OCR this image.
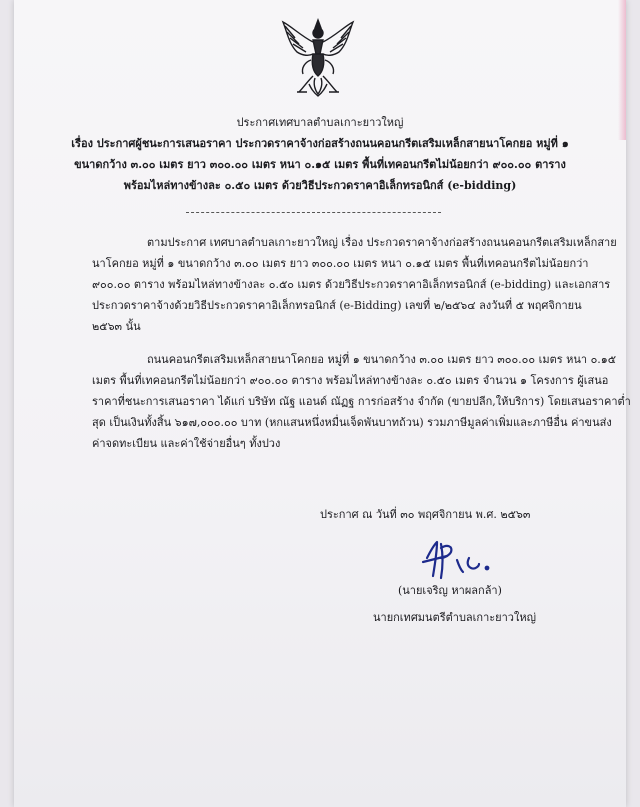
ประกาศเทศบาลตำบลเกาะยาวใหญ่
เรื่อง ประกาศผู้ชนะการเสนอราคา ประกวดราคาจ้างก่อสร้างถนนคอนกรีตเสริมเหล็กสายนาโคกยอ หมู่ที่ ๑
ขนาดกว้าง ๓.๐๐ เมตร ยาว ๓๐๐.๐๐ เมตร หนา ๐.๑๕ เมตร พื้นที่เทคอนกรีตไม่น้อยกว่า ๙๐๐.๐๐ ตาราง
พร้อมไหล่ทางข้างละ ๐.๕๐ เมตร ด้วยวิธีประกวดราคาอิเล็กทรอนิกส์ (e-bidding)
ตามประกาศ เทศบาลตำบลเกาะยาวใหญ่ เรื่อง ประกวดราคาจ้างก่อสร้างถนนคอนกรีตเสริมเหล็กสาย
นาโคกยอ หมู่ที่ ๑ ขนาดกว้าง ๓.๐๐ เมตร ยาว ๓๐๐.๐๐ เมตร หนา ๐.๑๕ เมตร พื้นที่เทคอนกรีตไม่น้อยกว่า
๙๐๐.๐๐ ตาราง พร้อมไหล่ทางข้างละ ๐.๕๐ เมตร ด้วยวิธีประกวดราคาอิเล็กทรอนิกส์ (e-bidding) และเอกสาร
ประกวดราคาจ้างด้วยวิธีประกวดราคาอิเล็กทรอนิกส์ (e-Bidding) เลขที่ ๒/๒๕๖๔ ลงวันที่ ๕ พฤศจิกายน
๒๕๖๓ นั้น
ถนนคอนกรีตเสริมเหล็กสายนาโคกยอ หมู่ที่ ๑ ขนาดกว้าง ๓.๐๐ เมตร ยาว ๓๐๐.๐๐ เมตร หนา ๐.๑๕
เมตร พื้นที่เทคอนกรีตไม่น้อยกว่า ๙๐๐.๐๐ ตาราง พร้อมไหล่ทางข้างละ ๐.๕๐ เมตร จำนวน ๑ โครงการ ผู้เสนอ
ราคาที่ชนะการเสนอราคา ได้แก่ บริษัท ณัฐ แอนด์ ณัฏฐ การก่อสร้าง จำกัด (ขายปลีก,ให้บริการ) โดยเสนอราคาต่ำ
สุด เป็นเงินทั้งสิ้น ๖๑๗,๐๐๐.๐๐ บาท (หกแสนหนึ่งหมื่นเจ็ดพันบาทถ้วน) รวมภาษีมูลค่าเพิ่มและภาษีอื่น ค่าขนส่ง
ค่าจดทะเบียน และค่าใช้จ่ายอื่นๆ ทั้งปวง
ประกาศ ณ วันที่ ๓๐ พฤศจิกายน พ.ศ. ๒๕๖๓
(นายเจริญ หาผลกล้า)
นายกเทศมนตรีตำบลเกาะยาวใหญ่
